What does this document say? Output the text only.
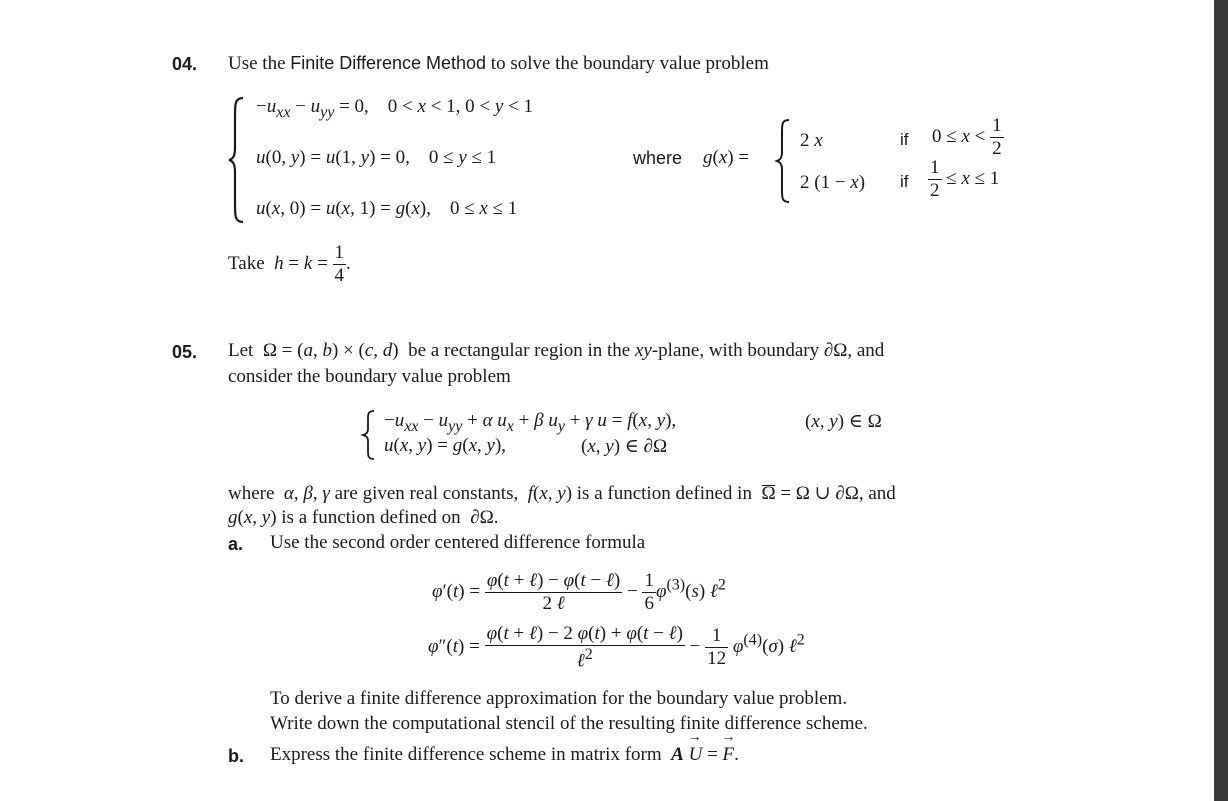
04. Use the Finite Difference Method to solve the boundary value problem
$-u_{xx} - u_{yy} = 0$,    0 < x < 1, 0 < y < 1
u(0, y) = u(1, y) = 0,    0 ≤ y ≤ 1
u(x, 0) = u(x, 1) = g(x),    0 ≤ x ≤ 1
where g(x) =
2 x	if $0 \le x < \frac{1}{2}$
2 (1 − x) if $\frac{1}{2} \le x \le 1$
Take $h = k = \frac{1}{4}$ .
05. Let  Ω = (a, b) × (c, d)  be a rectangular region in the xy-plane, with boundary ∂Ω, and
consider the boundary value problem
$-u_{xx} - u_{yy} + \alpha$ $u_x + \beta$ $u_y + \gamma$ u = f(x, y),	(x, y) ∈ Ω
u(x, y) = g(x, y),	(x, y) ∈ ∂Ω
where  α, β, γ are given real constants, f(x, y) is a function defined in Ω = Ω ∪ ∂Ω, and
g(x, y) is a function defined on  ∂Ω.
a. Use the second order centered difference formula
$\varphi'(t) = \frac{\text{φ(t + ℓ) − φ(t − ℓ)}}{\text{2 ℓ}} - \frac{1}{6} \varphi^{(3)}(s)$ ℓ$^2$
$\varphi''(t) = \frac{\text{φ(t + ℓ) − 2 φ(t) + φ(t − ℓ)}}{\ell^2} - \frac{1}{12} \varphi^{(4)}(\sigma)$ ℓ$^2$
To derive a finite difference approximation for the boundary value problem.
Write down the computational stencil of the resulting finite difference scheme.
b. Express the finite difference scheme in matrix form A → U = → F.
